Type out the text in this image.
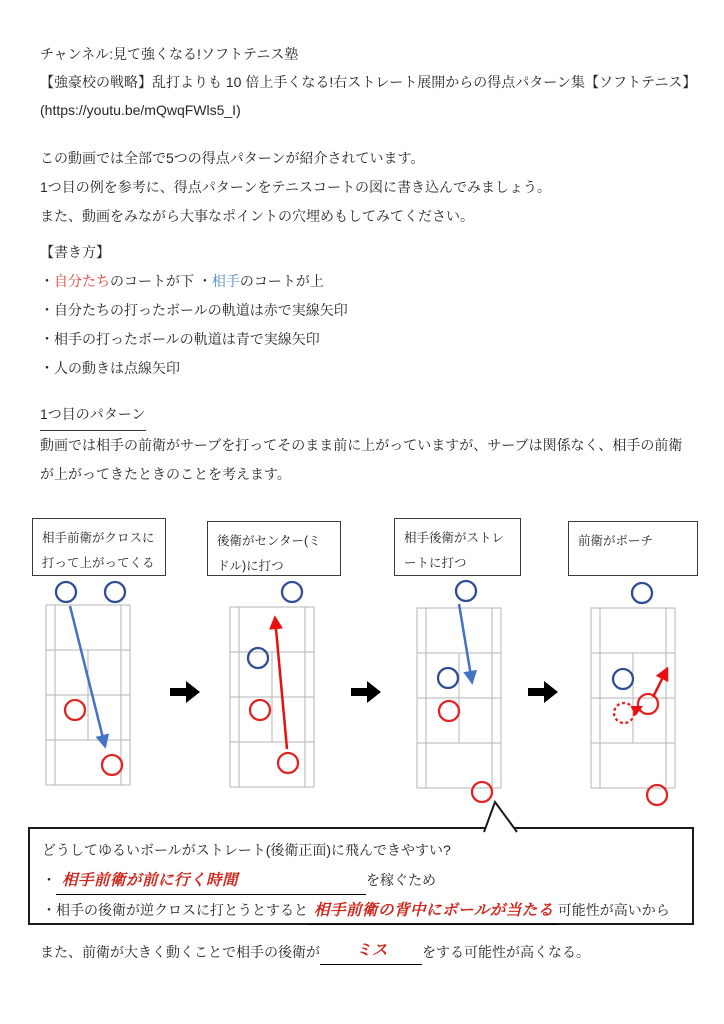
チャンネル:見て強くなる!ソフトテニス塾
【強豪校の戦略】乱打よりも 10 倍上手くなる!右ストレート展開からの得点パターン集【ソフトテニス】(https://youtu.be/mQwqFWls5_I)
この動画では全部で5つの得点パターンが紹介されています。
1つ目の例を参考に、得点パターンをテニスコートの図に書き込んでみましょう。
また、動画をみながら大事なポイントの穴埋めもしてみてください。
【書き方】
・自分たちのコートが下 ・相手のコートが上
・自分たちの打ったボールの軌道は赤で実線矢印
・相手の打ったボールの軌道は青で実線矢印
・人の動きは点線矢印
1つ目のパターン
動画では相手の前衛がサーブを打ってそのまま前に上がっていますが、サーブは関係なく、相手の前衛が上がってきたときのことを考えます。
相手前衛がクロスに打って上がってくる
後衛がセンター(ミドル)に打つ
相手後衛がストレートに打つ
前衛がポーチ
どうしてゆるいボールがストレート(後衛正面)に飛んできやすい?
・ 相手前衛が前に行く時間	を稼ぐため
・相手の後衛が逆クロスに打とうとすると 相手前衛の背中にボールが当たる 可能性が高いから
また、前衛が大きく動くことで相手の後衛が ミス をする可能性が高くなる。
